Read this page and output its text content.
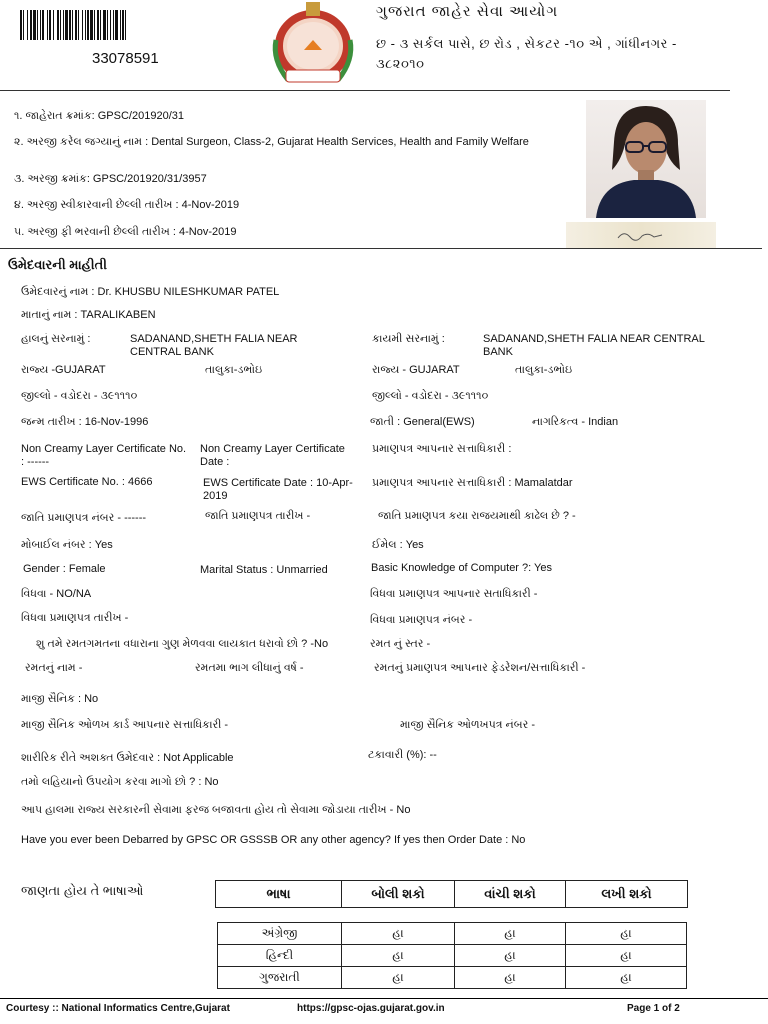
33078591
ગુજરાત જાહેર સેવા આયોગ
છ - ૩ સર્કલ પાસે, છ રોડ , સેકટર -૧૦ એ , ગાંધીનગર - ૩૮૨૦૧૦
૧. જાહેરાત ક્રમાંક: GPSC/201920/31
૨. અરજી કરેલ જગ્યાનું નામ : Dental Surgeon, Class-2, Gujarat Health Services, Health and Family Welfare
૩. અરજી ક્રમાંક: GPSC/201920/31/3957
૪. અરજી સ્વીકારવાની છેલ્લી તારીખ : 4-Nov-2019
૫. અરજી ફી ભરવાની છેલ્લી તારીખ : 4-Nov-2019
ઉમેદવારની માહીતી
ઉમેદવારનું નામ : Dr. KHUSBU NILESHKUMAR PATEL
માતાનું નામ : TARALIKABEN
હાલનું સરનામું :	SADANAND,SHETH FALIA NEAR CENTRAL BANK
કાયમી સરનામું :	SADANAND,SHETH FALIA NEAR CENTRAL BANK
રાજ્ય -GUJARAT	તાલુકા-ડભોઇ	રાજ્ય - GUJARAT	તાલુકા-ડભોઇ
જીલ્લો - વડોદરા - ૩૯૧૧૧૦	જીલ્લો - વડોદરા - ૩૯૧૧૧૦
જન્મ તારીખ : 16-Nov-1996	જાતી : General(EWS)	નાગરિકત્વ - Indian
Non Creamy Layer Certificate No. : ------
Non Creamy Layer Certificate Date :
પ્રમાણપત્ર આપનાર સત્તાધિકારી :
EWS Certificate No. : 4666	EWS Certificate Date : 10-Apr-2019
પ્રમાણપત્ર આપનાર સત્તાધિકારી : Mamalatdar
જાતિ પ્રમાણપત્ર નંબર - ------	જાતિ પ્રમાણપત્ર તારીખ -	જાતિ પ્રમાણપત્ર કયા રાજયમાથી કાઢેલ છે ? -
મોબાઈલ નંબર : Yes	ઈમેલ : Yes
Gender : Female	Marital Status : Unmarried	Basic Knowledge of Computer ?: Yes
વિધવા - NO/NA	વિધવા પ્રમાણપત્ર આપનાર સતાધિકારી -
વિધવા પ્રમાણપત્ર તારીખ -	વિધવા પ્રમાણપત્ર નંબર -
શુ તમે રમતગમતના વધારાના ગુણ મેળવવા લાયકાત ધરાવો છો ? -No	રમત નું સ્તર -
રમતનું નામ -	રમતમા ભાગ લીધાનું વર્ષ -	રમતનું પ્રમાણપત્ર આપનાર ફેડરેશન/સત્તાધિકારી -
માજી સૈનિક : No
માજી સૈનિક ઓળખ કાર્ડ આપનાર સત્તાધિકારી -	માજી સૈનિક ઓળખપત્ર નંબર -
શારીરિક રીતે અશક્ત ઉમેદવાર : Not Applicable	ટકાવારી (%): --
તમો લહિયાનો ઉપયોગ કરવા માગો છો ? : No
આપ હાલમા રાજ્ય સરકારની સેવામા ફરજ બજાવતા હોય તો સેવામા જોડાયા તારીખ - No
Have you ever been Debarred by GPSC OR GSSSB OR any other agency? If yes then Order Date : No
જાણતા હોય તે ભાષાઓ	ભાષા	બોલી શકો	વાંચી શકો	લખી શકો
અંગ્રેજી	હા	હા	હા
હિન્દી	હા	હા	હા
ગુજરાતી	હા	હા	હા
Courtesy :: National Informatics Centre,Gujarat	https://gpsc-ojas.gujarat.gov.in	Page 1 of 2
